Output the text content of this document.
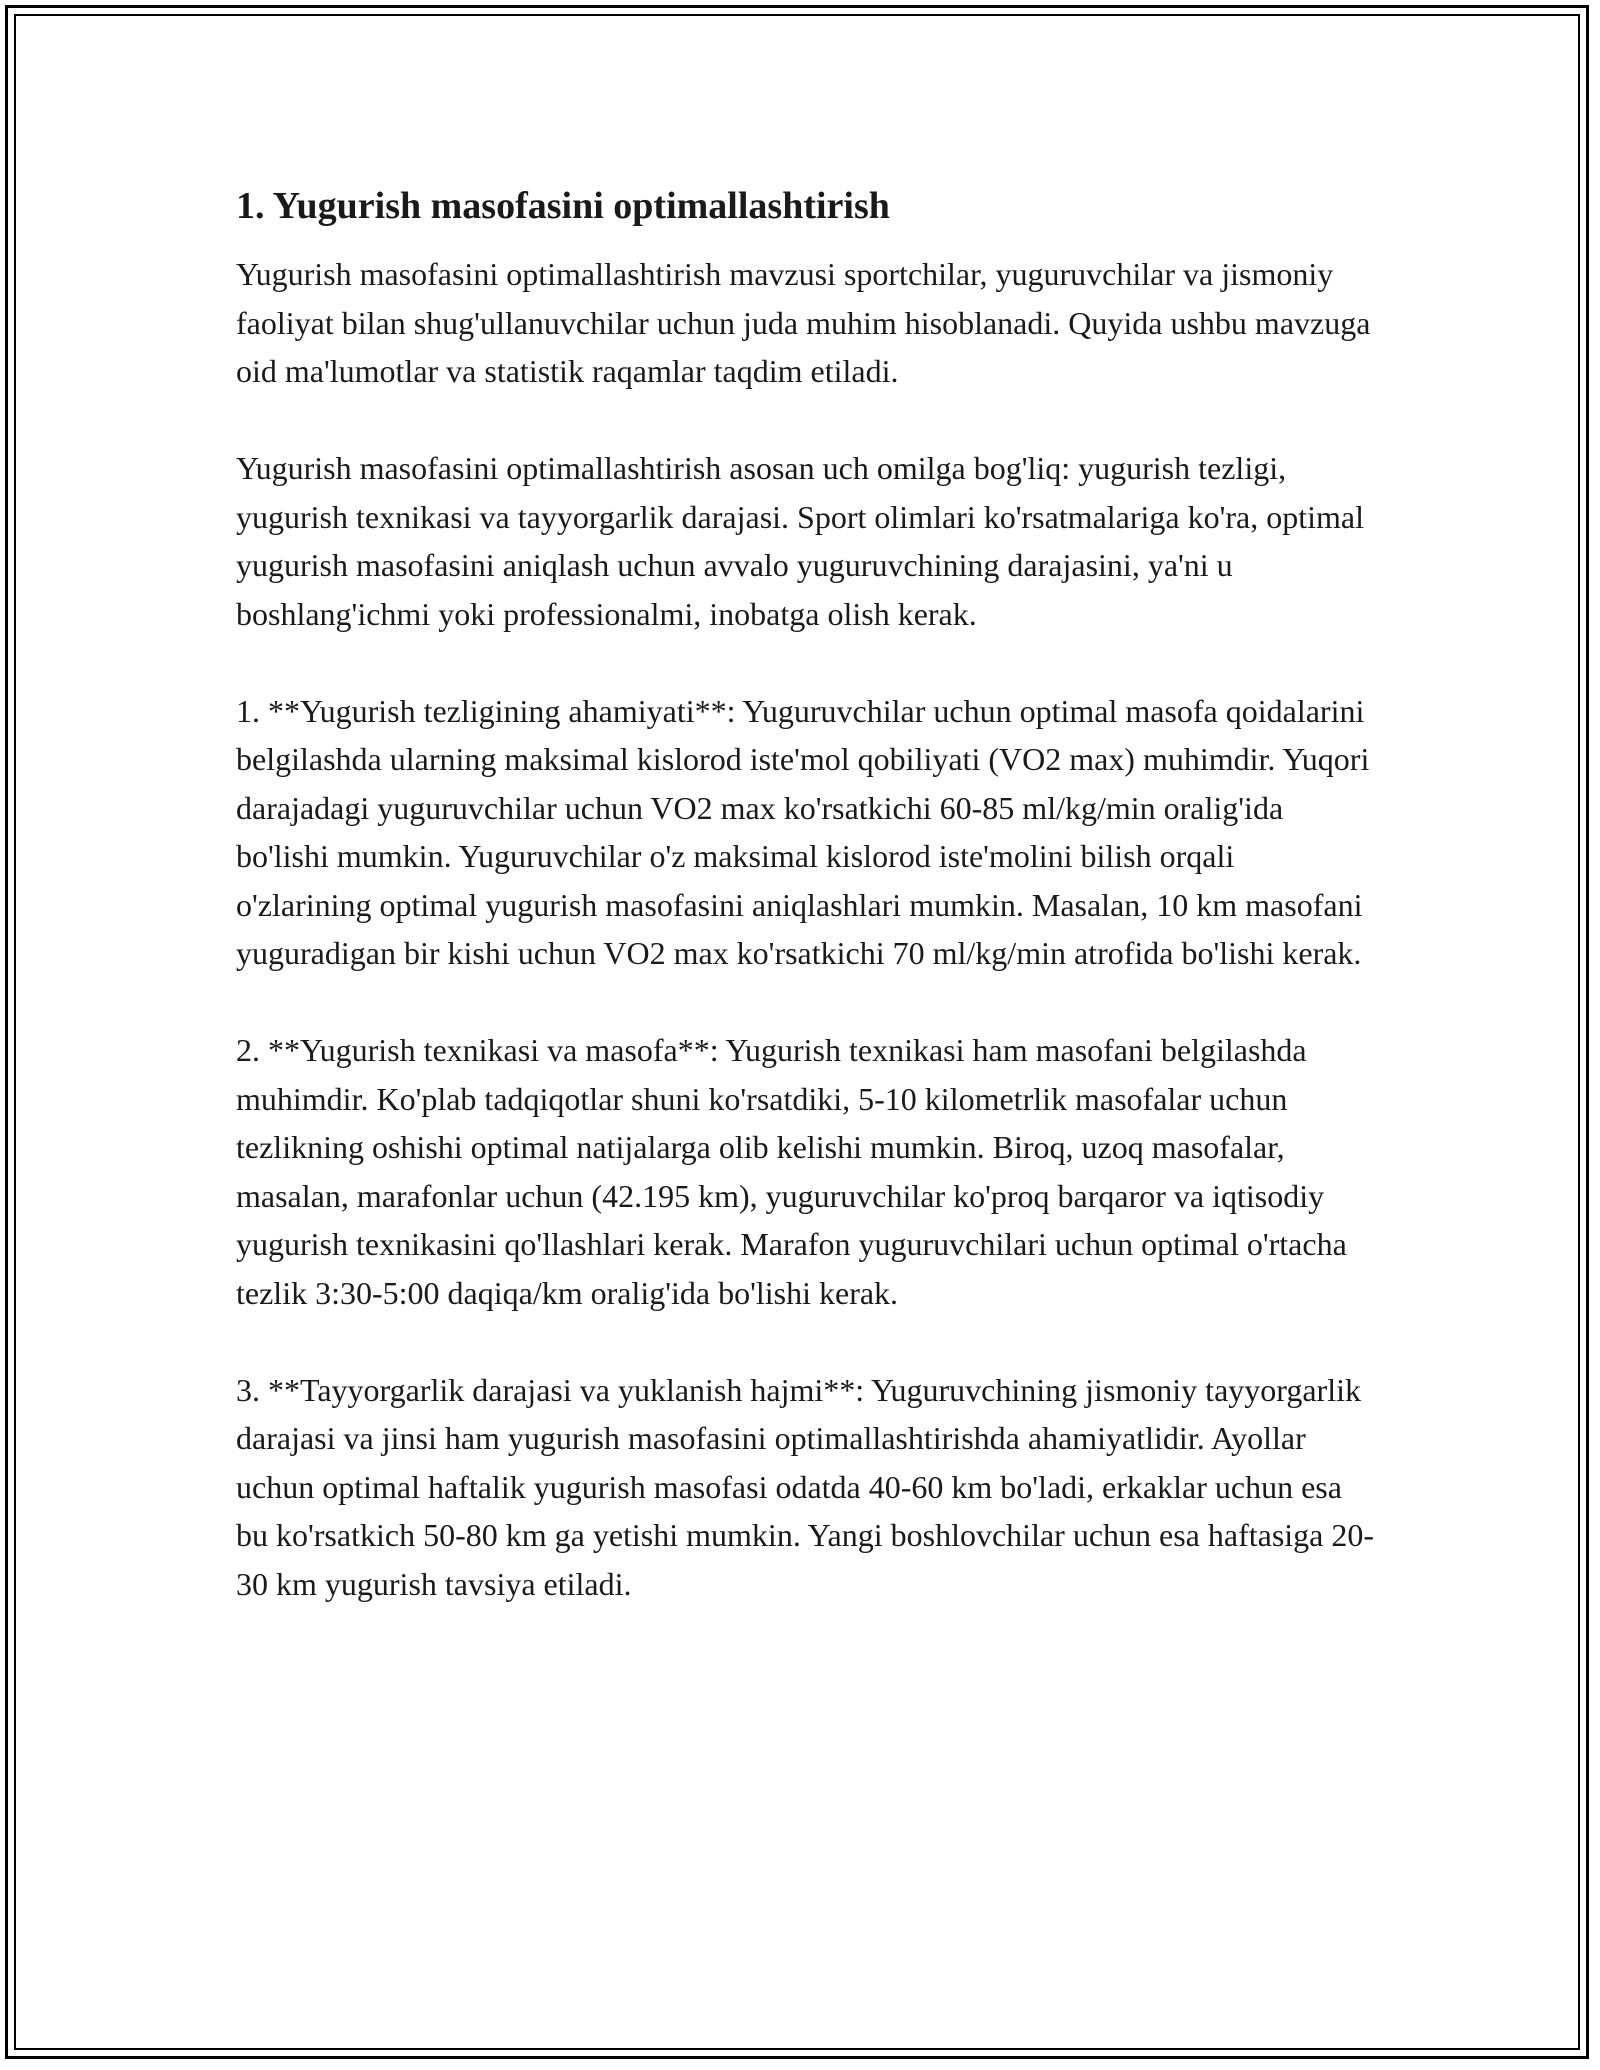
1. Yugurish masofasini optimallashtirish

Yugurish masofasini optimallashtirish mavzusi sportchilar, yuguruvchilar va jismoniy faoliyat bilan shug'ullanuvchilar uchun juda muhim hisoblanadi. Quyida ushbu mavzuga oid ma'lumotlar va statistik raqamlar taqdim etiladi.

Yugurish masofasini optimallashtirish asosan uch omilga bog'liq: yugurish tezligi, yugurish texnikasi va tayyorgarlik darajasi. Sport olimlari ko'rsatmalariga ko'ra, optimal yugurish masofasini aniqlash uchun avvalo yuguruvchining darajasini, ya'ni u boshlang'ichmi yoki professionalmi, inobatga olish kerak.

1. **Yugurish tezligining ahamiyati**: Yuguruvchilar uchun optimal masofa qoidalarini belgilashda ularning maksimal kislorod iste'mol qobiliyati (VO2 max) muhimdir. Yuqori darajadagi yuguruvchilar uchun VO2 max ko'rsatkichi 60-85 ml/kg/min oralig'ida bo'lishi mumkin. Yuguruvchilar o'z maksimal kislorod iste'molini bilish orqali o'zlarining optimal yugurish masofasini aniqlashlari mumkin. Masalan, 10 km masofani yuguradigan bir kishi uchun VO2 max ko'rsatkichi 70 ml/kg/min atrofida bo'lishi kerak.

2. **Yugurish texnikasi va masofa**: Yugurish texnikasi ham masofani belgilashda muhimdir. Ko'plab tadqiqotlar shuni ko'rsatdiki, 5-10 kilometrlik masofalar uchun tezlikning oshishi optimal natijalarga olib kelishi mumkin. Biroq, uzoq masofalar, masalan, marafonlar uchun (42.195 km), yuguruvchilar ko'proq barqaror va iqtisodiy yugurish texnikasini qo'llashlari kerak. Marafon yuguruvchilari uchun optimal o'rtacha tezlik 3:30-5:00 daqiqa/km oralig'ida bo'lishi kerak.

3. **Tayyorgarlik darajasi va yuklanish hajmi**: Yuguruvchining jismoniy tayyorgarlik darajasi va jinsi ham yugurish masofasini optimallashtirishda ahamiyatlidir. Ayollar uchun optimal haftalik yugurish masofasi odatda 40-60 km bo'ladi, erkaklar uchun esa bu ko'rsatkich 50-80 km ga yetishi mumkin. Yangi boshlovchilar uchun esa haftasiga 20-30 km yugurish tavsiya etiladi.
